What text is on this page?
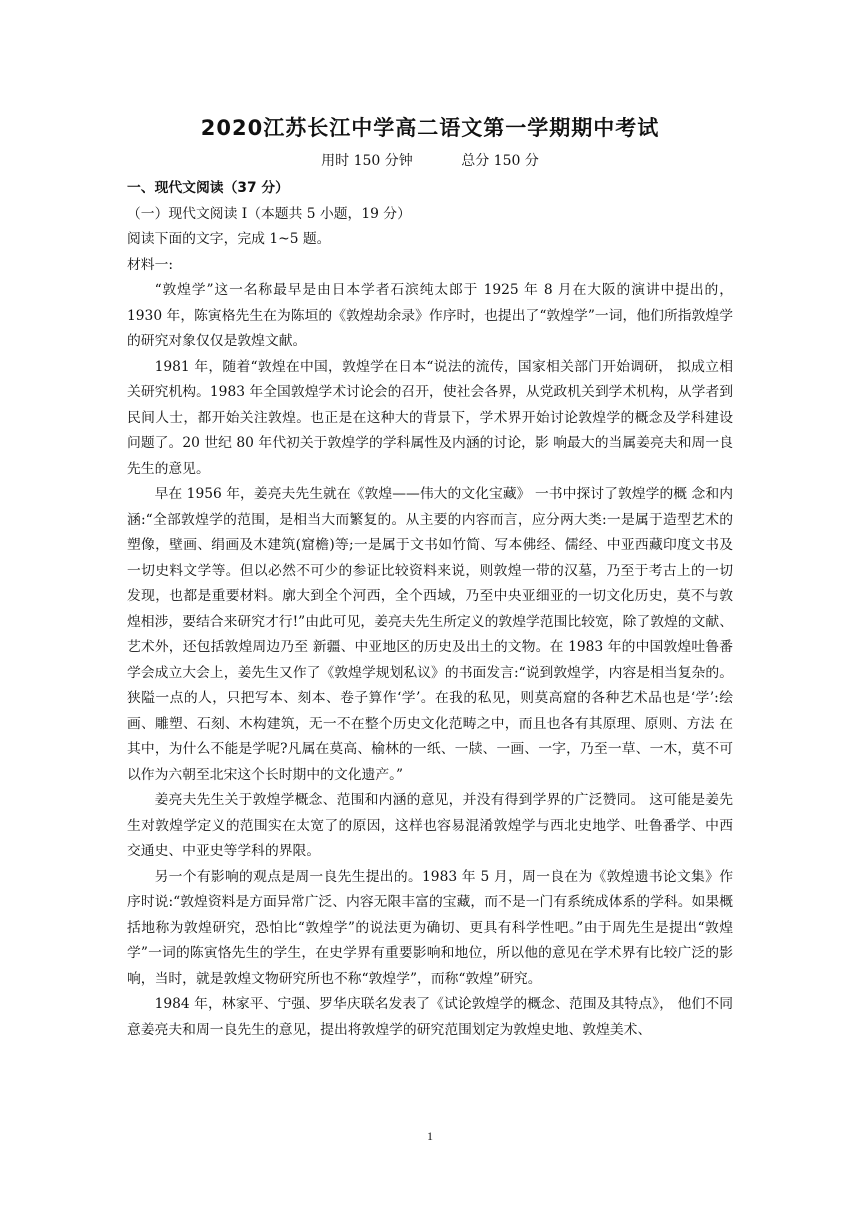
2020江苏长江中学高二语文第一学期期中考试
用时 150 分钟	总分 150 分

一、现代文阅读（37 分）

（一）现代文阅读 I（本题共 5 小题，19 分）

阅读下面的文字，完成 1~5 题。

材料一:

“敦煌学”这一名称最早是由日本学者石滨纯太郎于 1925 年 8 月在大阪的演讲中提出的，1930 年，陈寅格先生在为陈垣的《敦煌劫余录》作序时，也提出了“敦煌学”一词，他们所指敦煌学的研究对象仅仅是敦煌文献。

1981 年，随着“敦煌在中国，敦煌学在日本“说法的流传，国家相关部门开始调研， 拟成立相关研究机构。1983 年全国敦煌学术讨论会的召开，使社会各界，从党政机关到学术机构，从学者到民间人士，都开始关注敦煌。也正是在这种大的背景下，学术界开始讨论敦煌学的概念及学科建设问题了。20 世纪 80 年代初关于敦煌学的学科属性及内涵的讨论，影 响最大的当属姜亮夫和周一良先生的意见。

早在 1956 年，姜亮夫先生就在《敦煌——伟大的文化宝藏》 一书中探讨了敦煌学的概 念和内涵:“全部敦煌学的范围，是相当大而繁复的。从主要的内容而言，应分两大类:一是属于造型艺术的塑像，壁画、绢画及木建筑(窟檐)等;一是属于文书如竹简、写本佛经、儒经、中亚西藏印度文书及一切史料文学等。但以必然不可少的参证比较资料来说，则敦煌一带的汉墓，乃至于考古上的一切发现，也都是重要材料。廓大到全个河西，全个西域，乃至中央亚细亚的一切文化历史，莫不与敦煌相涉，要结合来研究才行!”由此可见，姜亮夫先生所定义的敦煌学范围比较宽，除了敦煌的文献、艺术外，还包括敦煌周边乃至 新疆、中亚地区的历史及出土的文物。在 1983 年的中国敦煌吐鲁番学会成立大会上，姜先生又作了《敦煌学规划私议》的书面发言:“说到敦煌学，内容是相当复杂的。狭隘一点的人，只把写本、刻本、卷子算作‘学’。在我的私见，则莫高窟的各种艺术品也是‘学’:绘画、雕塑、石刻、木构建筑，无一不在整个历史文化范畴之中，而且也各有其原理、原则、方法 在其中，为什么不能是学呢?凡属在莫高、榆林的一纸、一牍、一画、一字，乃至一草、一木，莫不可以作为六朝至北宋这个长时期中的文化遗产。”

姜亮夫先生关于敦煌学概念、范围和内涵的意见，并没有得到学界的广泛赞同。 这可能是姜先生对敦煌学定义的范围实在太宽了的原因，这样也容易混淆敦煌学与西北史地学、吐鲁番学、中西交通史、中亚史等学科的界限。

另一个有影响的观点是周一良先生提出的。1983 年 5 月，周一良在为《敦煌遗书论文集》作序时说:“敦煌资料是方面异常广泛、内容无限丰富的宝藏，而不是一门有系统成体系的学科。如果概括地称为敦煌研究，恐怕比“敦煌学”的说法更为确切、更具有科学性吧。”由于周先生是提出“敦煌学”一词的陈寅恪先生的学生，在史学界有重要影响和地位，所以他的意见在学术界有比较广泛的影响，当时，就是敦煌文物研究所也不称“敦煌学”，而称“敦煌”研究。

1984 年，林家平、宁强、罗华庆联名发表了《试论敦煌学的概念、范围及其特点》， 他们不同意姜亮夫和周一良先生的意见，提出将敦煌学的研究范围划定为敦煌史地、敦煌美术、

1
